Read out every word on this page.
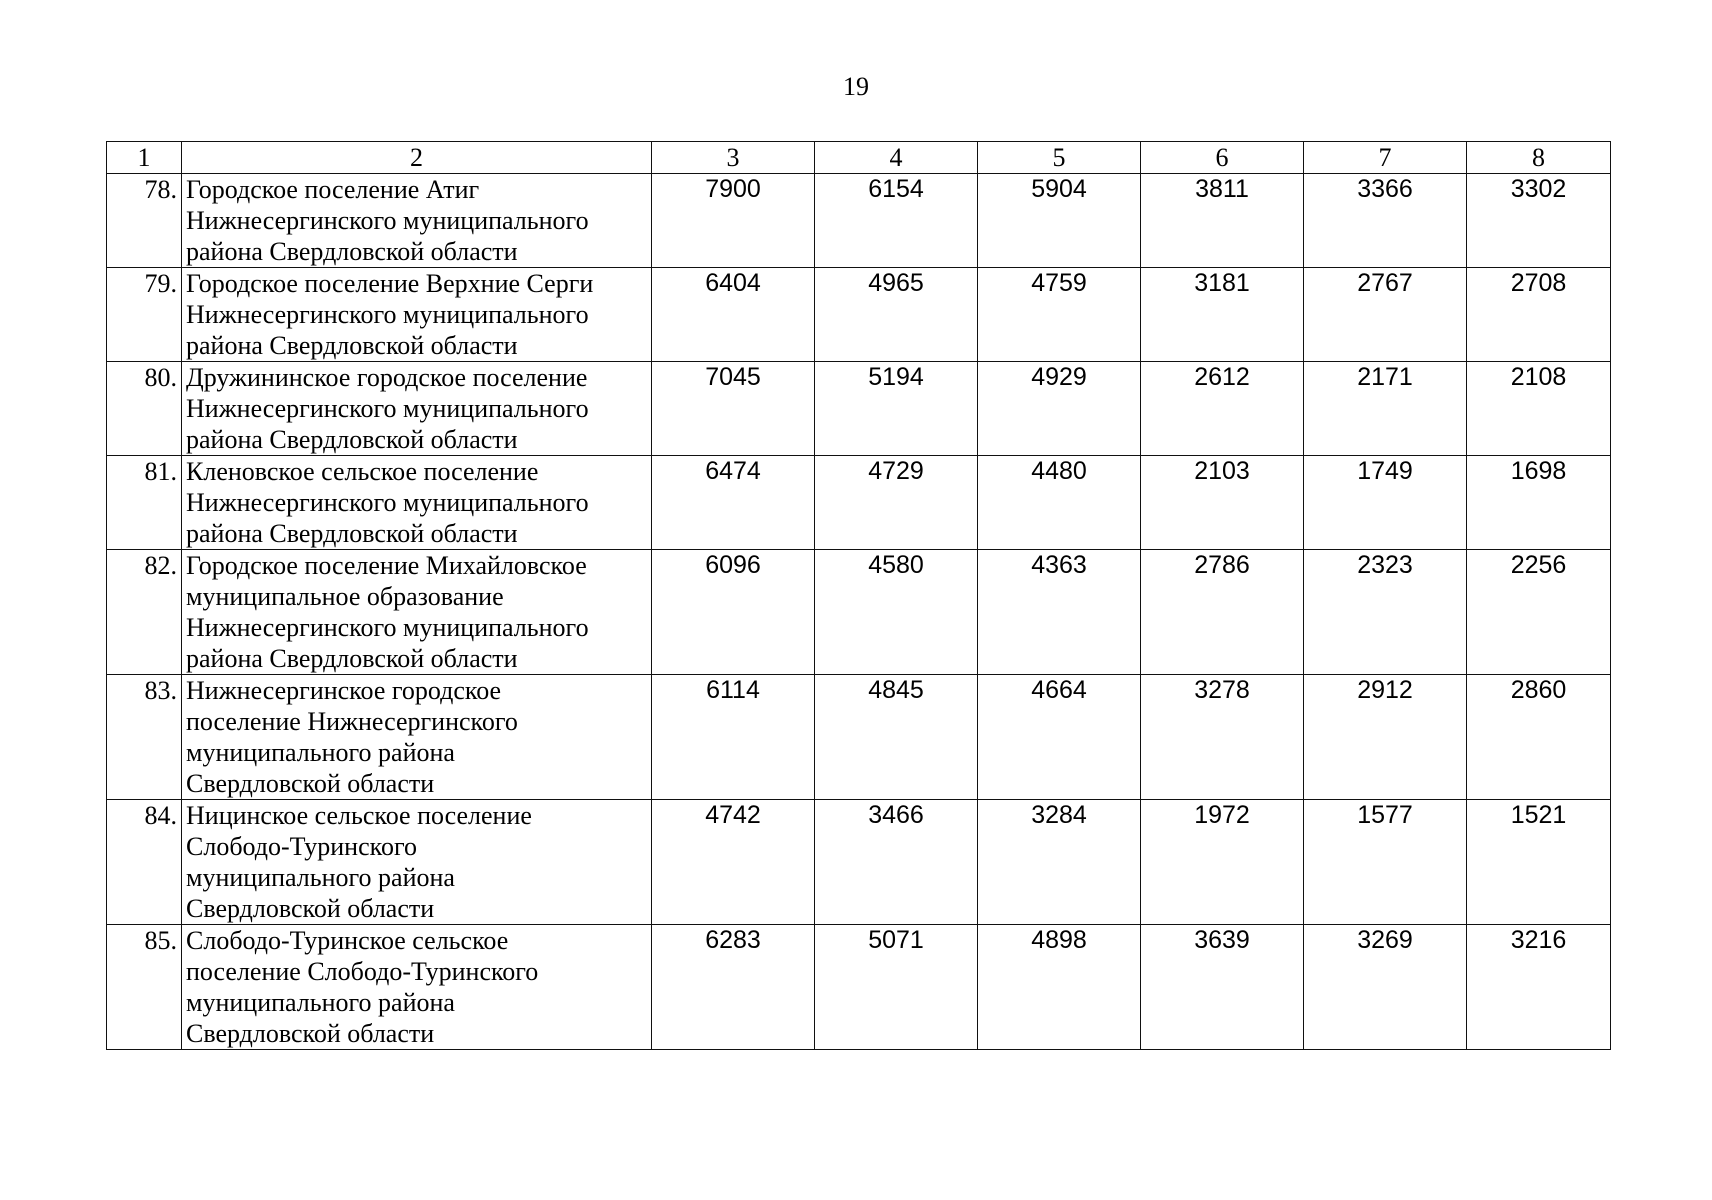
19
1	2	3	4	5	6	7	8
78.	Городское поселение Атиг
Нижнесергинского муниципального
района Свердловской области	7900	6154	5904	3811	3366	3302
79.	Городское поселение Верхние Серги
Нижнесергинского муниципального
района Свердловской области	6404	4965	4759	3181	2767	2708
80.	Дружининское городское поселение
Нижнесергинского муниципального
района Свердловской области	7045	5194	4929	2612	2171	2108
81.	Кленовское сельское поселение
Нижнесергинского муниципального
района Свердловской области	6474	4729	4480	2103	1749	1698
82.	Городское поселение Михайловское
муниципальное образование
Нижнесергинского муниципального
района Свердловской области	6096	4580	4363	2786	2323	2256
83.	Нижнесергинское городское
поселение Нижнесергинского
муниципального района
Свердловской области	6114	4845	4664	3278	2912	2860
84.	Ницинское сельское поселение
Слободо-Туринского
муниципального района
Свердловской области	4742	3466	3284	1972	1577	1521
85.	Слободо-Туринское сельское
поселение Слободо-Туринского
муниципального района
Свердловской области	6283	5071	4898	3639	3269	3216
